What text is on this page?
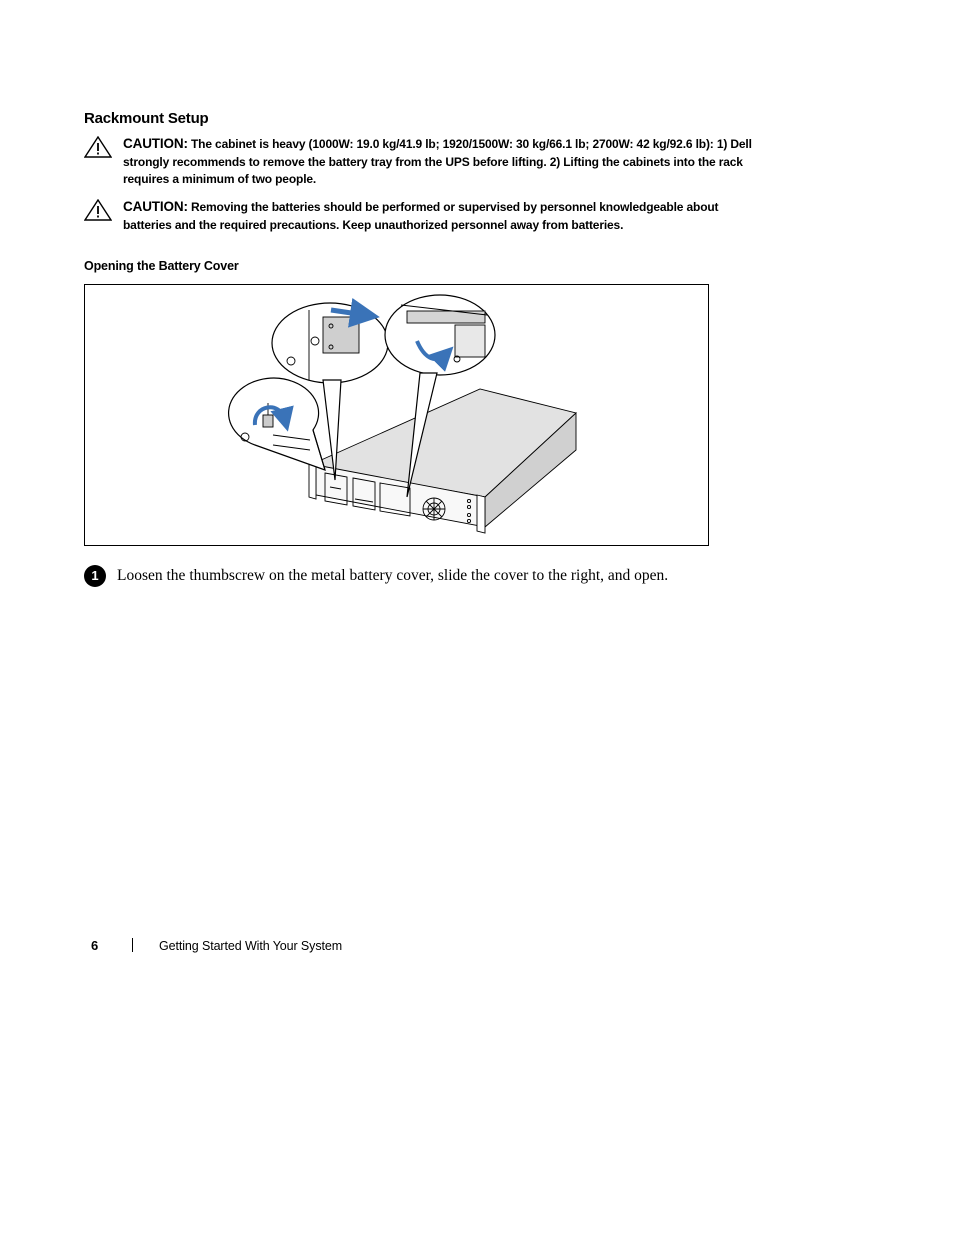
Rackmount Setup
CAUTION: The cabinet is heavy (1000W: 19.0 kg/41.9 lb; 1920/1500W: 30 kg/66.1 lb; 2700W: 42 kg/92.6 lb): 1) Dell strongly recommends to remove the battery tray from the UPS before lifting. 2) Lifting the cabinets into the rack requires a minimum of two people.
CAUTION: Removing the batteries should be performed or supervised by personnel knowledgeable about batteries and the required precautions. Keep unauthorized personnel away from batteries.
Opening the Battery Cover
1	Loosen the thumbscrew on the metal battery cover, slide the cover to the right, and open.
6	Getting Started With Your System
